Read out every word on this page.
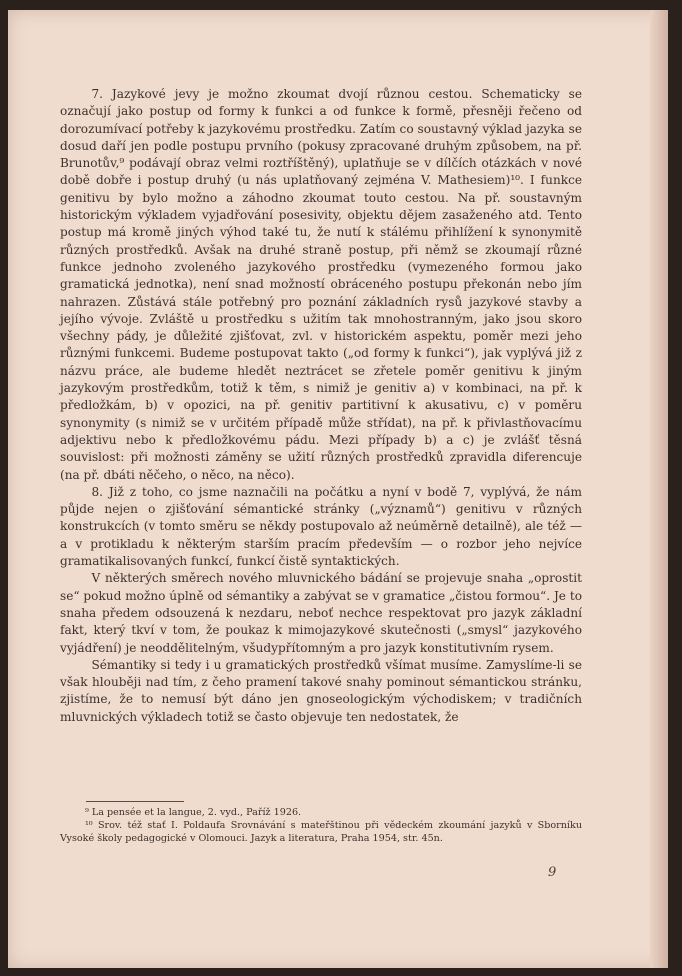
7. Jazykové jevy je možno zkoumat dvojí různou cestou. Schematicky se označují jako postup od formy k funkci a od funkce k formě, přesněji řečeno od dorozumívací potřeby k jazykovému prostředku. Zatím co soustavný výklad jazyka se dosud daří jen podle postupu prvního (pokusy zpracované druhým způsobem, na př. Brunotův,⁹ podávají obraz velmi roztříštěný), uplatňuje se v dílčích otázkách v nové době dobře i postup druhý (u nás uplatňovaný zejména V. Mathesiem)¹⁰. I funkce genitivu by bylo možno a záhodno zkoumat touto cestou. Na př. soustavným historickým výkladem vyjadřování posesivity, objektu dějem zasaženého atd. Tento postup má kromě jiných výhod také tu, že nutí k stálému přihlížení k synonymitě různých prostředků. Avšak na druhé straně postup, při němž se zkoumají různé funkce jednoho zvoleného jazykového prostředku (vymezeného formou jako gramatická jednotka), není snad možností obráceného postupu překonán nebo jím nahrazen. Zůstává stále potřebný pro poznání základních rysů jazykové stavby a jejího vývoje. Zvláště u prostředku s užitím tak mnohostranným, jako jsou skoro všechny pády, je důležité zjišťovat, zvl. v historickém aspektu, poměr mezi jeho různými funkcemi. Budeme postupovat takto („od formy k funkci“), jak vyplývá již z názvu práce, ale budeme hledět neztrácet se zřetele poměr genitivu k jiným jazykovým prostředkům, totiž k těm, s nimiž je genitiv a) v kombinaci, na př. k předložkám, b) v opozici, na př. genitiv partitivní k akusativu, c) v poměru synonymity (s nimiž se v určitém případě může střídat), na př. k přivlastňovacímu adjektivu nebo k předložkovému pádu. Mezi případy b) a c) je zvlášť těsná souvislost: při možnosti záměny se užití různých prostředků zpravidla diferencuje (na př. dbáti něčeho, o něco, na něco).

8. Již z toho, co jsme naznačili na počátku a nyní v bodě 7, vyplývá, že nám půjde nejen o zjišťování sémantické stránky („významů“) genitivu v různých konstrukcích (v tomto směru se někdy postupovalo až neúměrně detailně), ale též — a v protikladu k některým starším pracím především — o rozbor jeho nejvíce gramatikalisovaných funkcí, funkcí čistě syntaktických.

V některých směrech nového mluvnického bádání se projevuje snaha „oprostit se“ pokud možno úplně od sémantiky a zabývat se v gramatice „čistou formou“. Je to snaha předem odsouzená k nezdaru, neboť nechce respektovat pro jazyk základní fakt, který tkví v tom, že poukaz k mimojazykové skutečnosti („smysl“ jazykového vyjádření) je neoddělitelným, všudypřítomným a pro jazyk konstitutivním rysem.

Sémantiky si tedy i u gramatických prostředků všímat musíme. Zamyslíme-li se však hlouběji nad tím, z čeho pramení takové snahy pominout sémantickou stránku, zjistíme, že to nemusí být dáno jen gnoseologickým východiskem; v tradičních mluvnických výkladech totiž se často objevuje ten nedostatek, že

⁹ La pensée et la langue, 2. vyd., Paříž 1926.

¹⁰ Srov. též stať I. Poldaufa Srovnávání s mateřštinou při vědeckém zkoumání jazyků v Sborníku Vysoké školy pedagogické v Olomouci. Jazyk a literatura, Praha 1954, str. 45n.

9
